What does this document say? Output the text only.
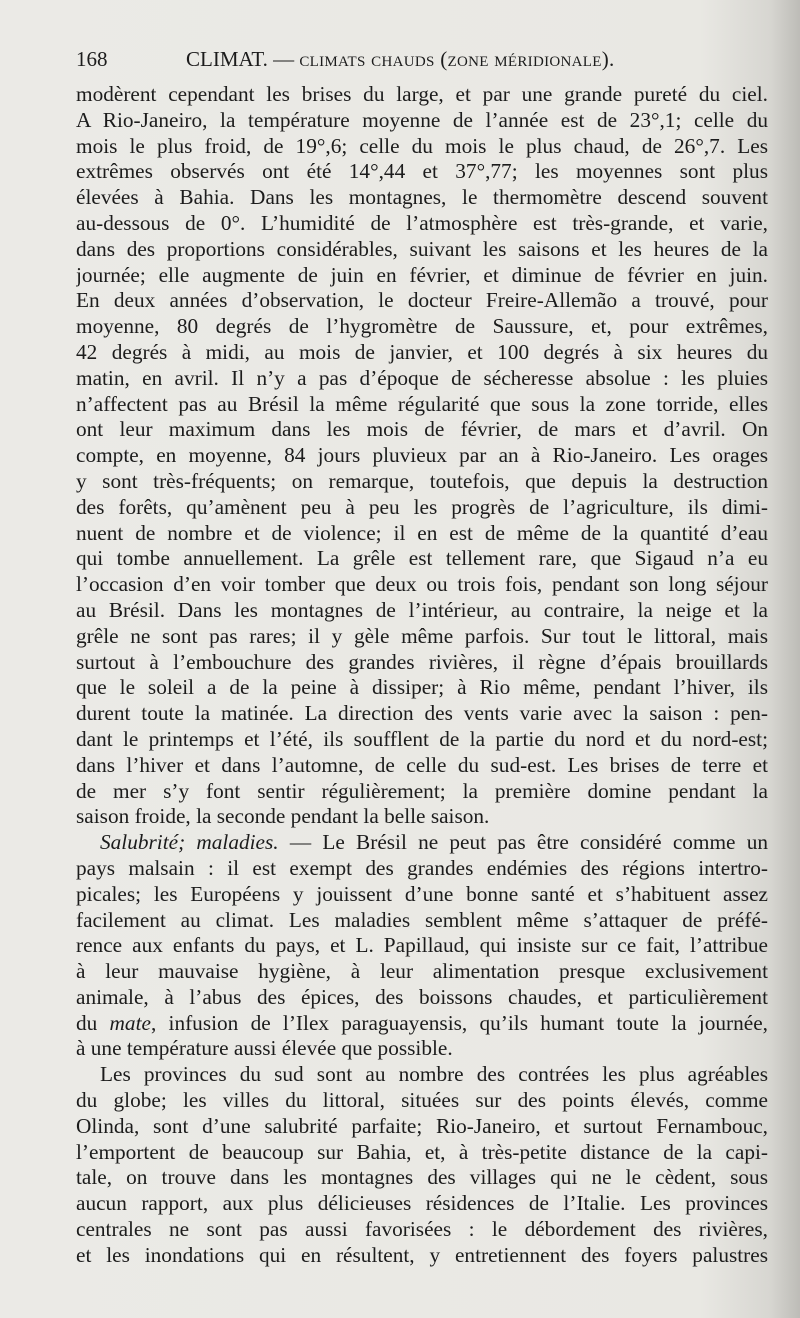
168	CLIMAT. — climats chauds (zone méridionale).
modèrent cependant les brises du large, et par une grande pureté du ciel.
A Rio-Janeiro, la température moyenne de l’année est de 23°,1; celle du
mois le plus froid, de 19°,6; celle du mois le plus chaud, de 26°,7. Les
extrêmes observés ont été 14°,44 et 37°,77; les moyennes sont plus
élevées à Bahia. Dans les montagnes, le thermomètre descend souvent
au-dessous de 0°. L’humidité de l’atmosphère est très-grande, et varie,
dans des proportions considérables, suivant les saisons et les heures de la
journée; elle augmente de juin en février, et diminue de février en juin.
En deux années d’observation, le docteur Freire-Allemão a trouvé, pour
moyenne, 80 degrés de l’hygromètre de Saussure, et, pour extrêmes,
42 degrés à midi, au mois de janvier, et 100 degrés à six heures du
matin, en avril. Il n’y a pas d’époque de sécheresse absolue : les pluies
n’affectent pas au Brésil la même régularité que sous la zone torride, elles
ont leur maximum dans les mois de février, de mars et d’avril. On
compte, en moyenne, 84 jours pluvieux par an à Rio-Janeiro. Les orages
y sont très-fréquents; on remarque, toutefois, que depuis la destruction
des forêts, qu’amènent peu à peu les progrès de l’agriculture, ils dimi-
nuent de nombre et de violence; il en est de même de la quantité d’eau
qui tombe annuellement. La grêle est tellement rare, que Sigaud n’a eu
l’occasion d’en voir tomber que deux ou trois fois, pendant son long séjour
au Brésil. Dans les montagnes de l’intérieur, au contraire, la neige et la
grêle ne sont pas rares; il y gèle même parfois. Sur tout le littoral, mais
surtout à l’embouchure des grandes rivières, il règne d’épais brouillards
que le soleil a de la peine à dissiper; à Rio même, pendant l’hiver, ils
durent toute la matinée. La direction des vents varie avec la saison : pen-
dant le printemps et l’été, ils soufflent de la partie du nord et du nord-est;
dans l’hiver et dans l’automne, de celle du sud-est. Les brises de terre et
de mer s’y font sentir régulièrement; la première domine pendant la
saison froide, la seconde pendant la belle saison.
Salubrité; maladies. — Le Brésil ne peut pas être considéré comme un
pays malsain : il est exempt des grandes endémies des régions intertro-
picales; les Européens y jouissent d’une bonne santé et s’habituent assez
facilement au climat. Les maladies semblent même s’attaquer de préfé-
rence aux enfants du pays, et L. Papillaud, qui insiste sur ce fait, l’attribue
à leur mauvaise hygiène, à leur alimentation presque exclusivement
animale, à l’abus des épices, des boissons chaudes, et particulièrement
du mate, infusion de l’Ilex paraguayensis, qu’ils humant toute la journée,
à une température aussi élevée que possible.
Les provinces du sud sont au nombre des contrées les plus agréables
du globe; les villes du littoral, situées sur des points élevés, comme
Olinda, sont d’une salubrité parfaite; Rio-Janeiro, et surtout Fernambouc,
l’emportent de beaucoup sur Bahia, et, à très-petite distance de la capi-
tale, on trouve dans les montagnes des villages qui ne le cèdent, sous
aucun rapport, aux plus délicieuses résidences de l’Italie. Les provinces
centrales ne sont pas aussi favorisées : le débordement des rivières,
et les inondations qui en résultent, y entretiennent des foyers palustres
